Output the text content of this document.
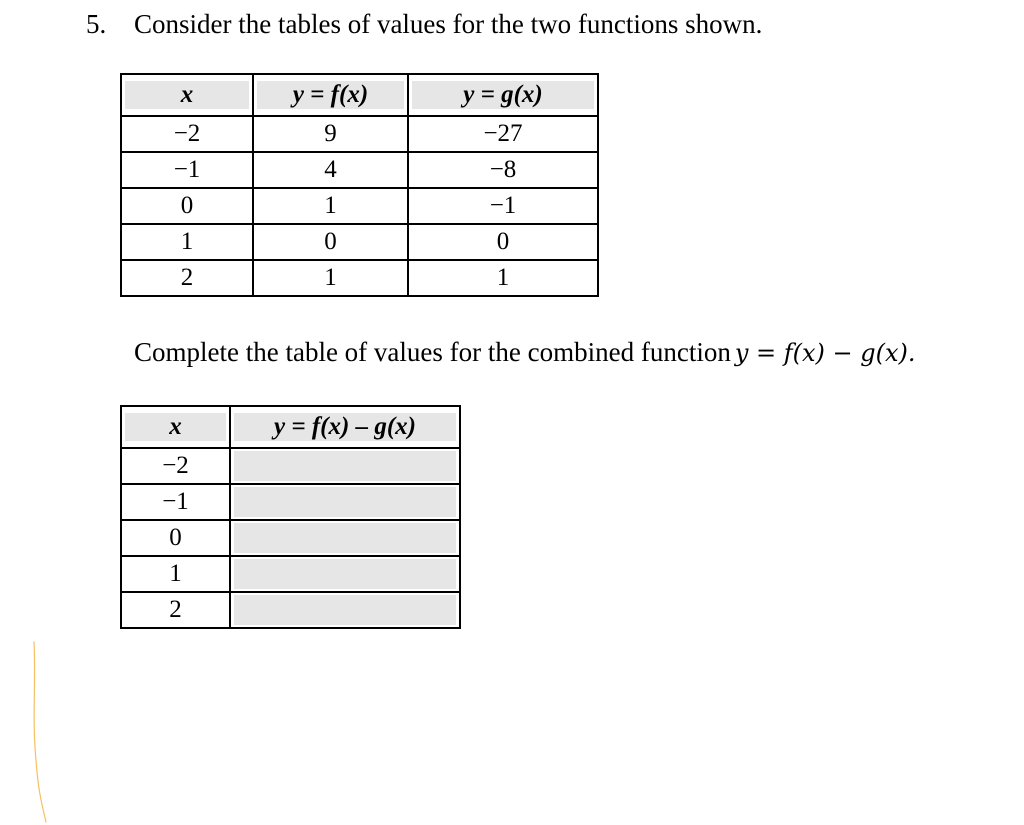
5. Consider the tables of values for the two functions shown.
x	y = f(x)	y = g(x)

−2	9	−27
−1	4	−8
0	1	−1
1	0	0
2	1	1
Complete the table of values for the combined function y = f(x) − g(x).
x	y = f(x) – g(x)

−2	

−1	

0	

1	

2	
